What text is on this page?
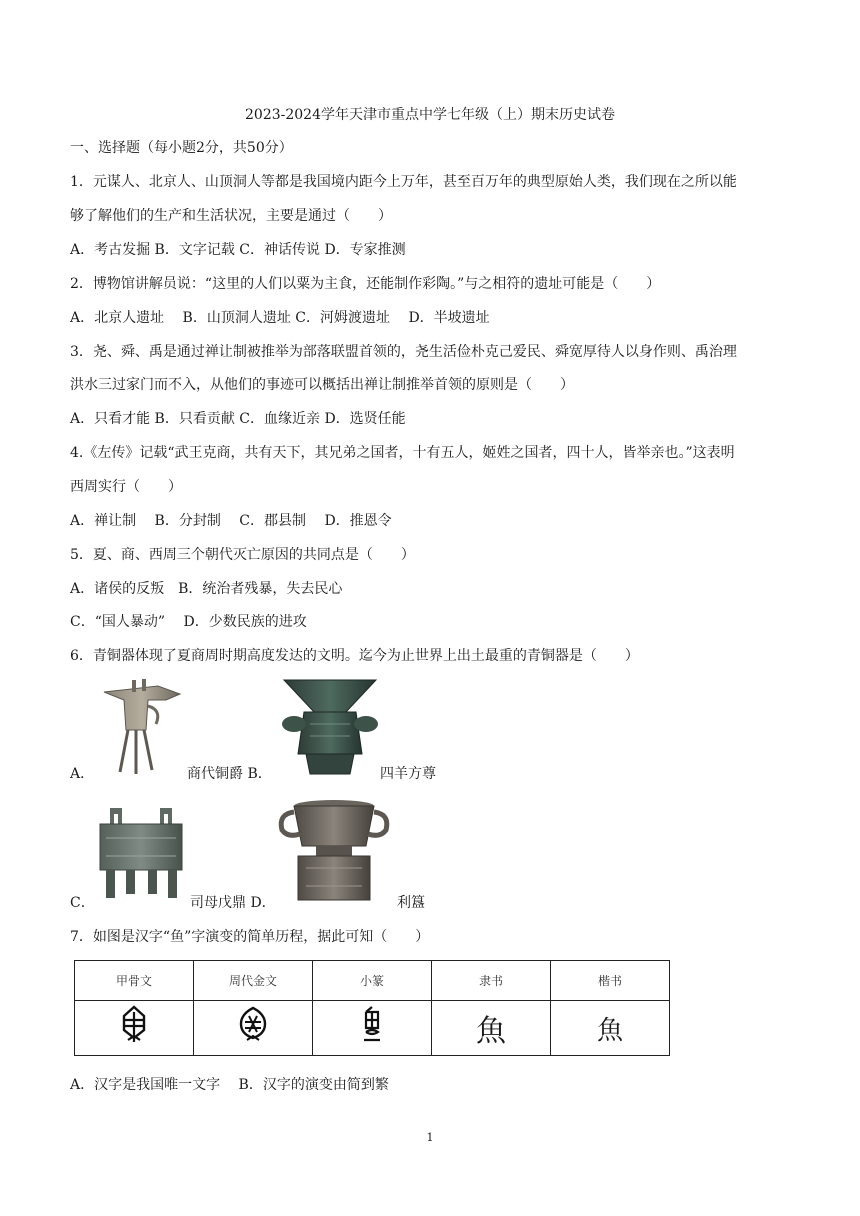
2023-2024学年天津市重点中学七年级（上）期末历史试卷
一、选择题（每小题2分，共50分）
1．元谋人、北京人、山顶洞人等都是我国境内距今上万年，甚至百万年的典型原始人类，我们现在之所以能
够了解他们的生产和生活状况，主要是通过（　　）
A．考古发掘 B．文字记载 C．神话传说 D．专家推测
2．博物馆讲解员说：“这里的人们以粟为主食，还能制作彩陶。”与之相符的遗址可能是（　　）
A．北京人遗址　 B．山顶洞人遗址 C．河姆渡遗址　 D．半坡遗址
3．尧、舜、禹是通过禅让制被推举为部落联盟首领的，尧生活俭朴克己爱民、舜宽厚待人以身作则、禹治理
洪水三过家门而不入，从他们的事迹可以概括出禅让制推举首领的原则是（　　）
A．只看才能 B．只看贡献 C．血缘近亲 D．选贤任能
4.《左传》记载“武王克商，共有天下，其兄弟之国者，十有五人，姬姓之国者，四十人，皆举亲也。”这表明
西周实行（　　）
A．禅让制　 B．分封制　 C．郡县制　 D．推恩令
5．夏、商、西周三个朝代灭亡原因的共同点是（　　）
A．诸侯的反叛　B．统治者残暴，失去民心
C．“国人暴动”　 D．少数民族的进攻
6．青铜器体现了夏商周时期高度发达的文明。迄今为止世界上出土最重的青铜器是（　　）
A．	商代铜爵 B．	四羊方尊
C．	司母戊鼎 D．	利簋
7．如图是汉字“鱼”字演变的简单历程，据此可知（　　）
甲骨文	周代金文	小篆	隶书	楷书
			魚	魚
A．汉字是我国唯一文字　 B．汉字的演变由简到繁
1
